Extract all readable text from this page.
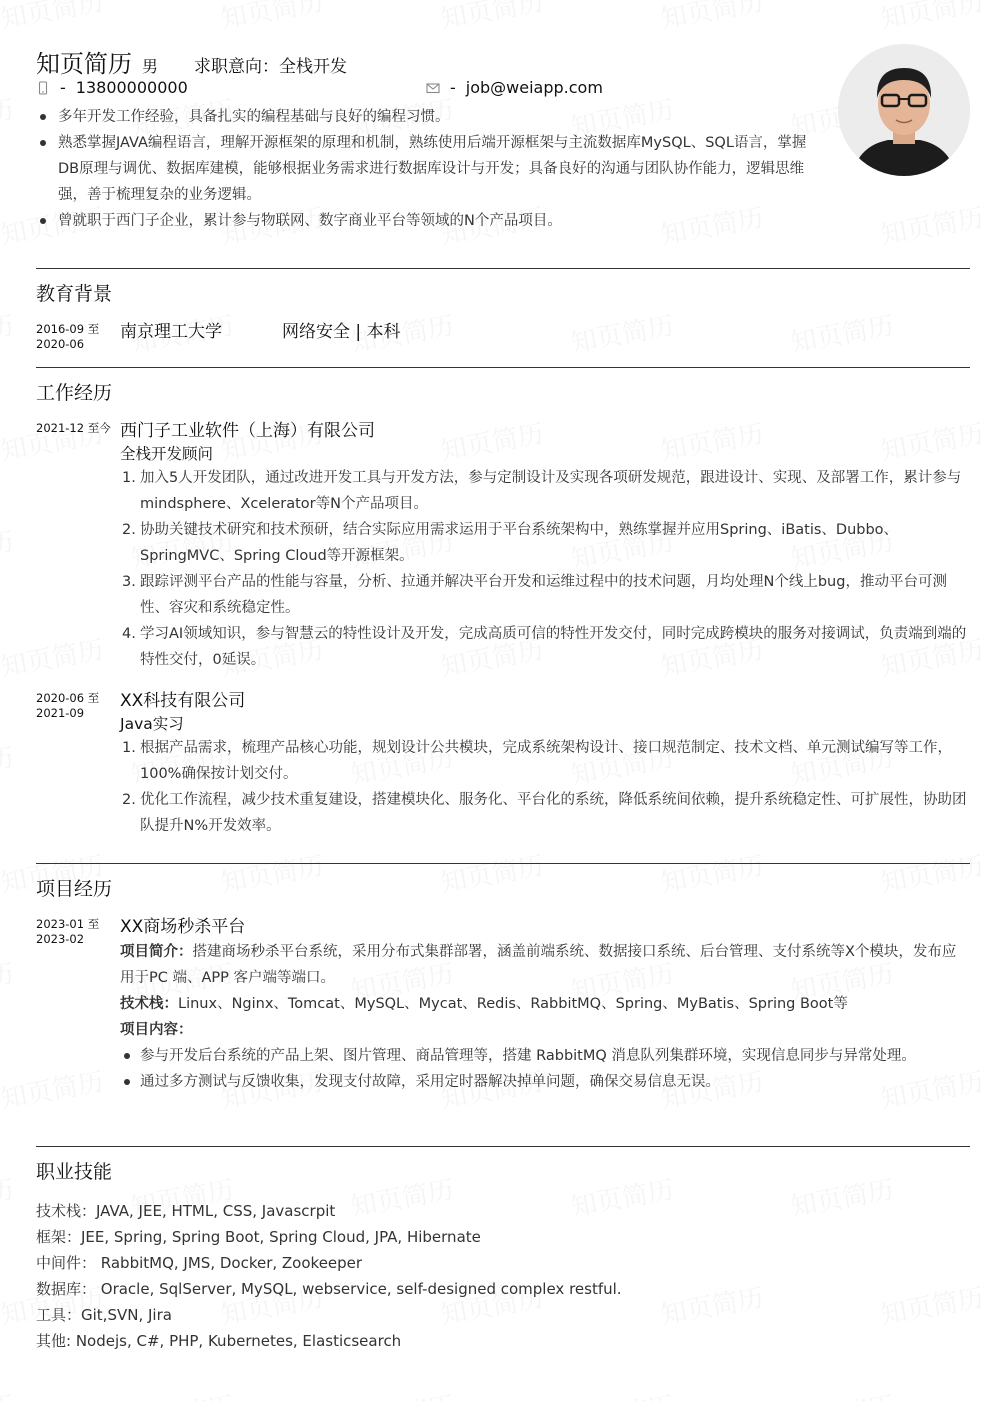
知页简历 男 求职意向：全栈开发
- 13800000000	- job@weiapp.com
多年开发工作经验，具备扎实的编程基础与良好的编程习惯。
熟悉掌握JAVA编程语言，理解开源框架的原理和机制，熟练使用后端开源框架与主流数据库MySQL、SQL语言，掌握DB原理与调优、数据库建模，能够根据业务需求进行数据库设计与开发；具备良好的沟通与团队协作能力，逻辑思维强，善于梳理复杂的业务逻辑。
曾就职于西门子企业，累计参与物联网、数字商业平台等领域的N个产品项目。
教育背景
2016-09 至
2020-06
南京理工大学	网络安全 | 本科
工作经历
2021-12 至今 西门子工业软件（上海）有限公司
全栈开发顾问
1. 加入5人开发团队，通过改进开发工具与开发方法，参与定制设计及实现各项研发规范，跟进设计、实现、及部署工作，累计参与mindsphere、Xcelerator等N个产品项目。
2. 协助关键技术研究和技术预研，结合实际应用需求运用于平台系统架构中，熟练掌握并应用Spring、iBatis、Dubbo、SpringMVC、Spring Cloud等开源框架。
3. 跟踪评测平台产品的性能与容量，分析、拉通并解决平台开发和运维过程中的技术问题，月均处理N个线上bug，推动平台可测性、容灾和系统稳定性。
4. 学习AI领域知识，参与智慧云的特性设计及开发，完成高质可信的特性开发交付，同时完成跨模块的服务对接调试，负责端到端的特性交付，0延误。
2020-06 至
2021-09
XX科技有限公司
Java实习
1. 根据产品需求，梳理产品核心功能，规划设计公共模块，完成系统架构设计、接口规范制定、技术文档、单元测试编写等工作，100%确保按计划交付。
2. 优化工作流程，减少技术重复建设，搭建模块化、服务化、平台化的系统，降低系统间依赖，提升系统稳定性、可扩展性，协助团队提升N%开发效率。
项目经历
2023-01 至
2023-02
XX商场秒杀平台
项目简介：搭建商场秒杀平台系统，采用分布式集群部署，涵盖前端系统、数据接口系统、后台管理、支付系统等X个模块，发布应用于PC 端、APP 客户端等端口。
技术栈：Linux、Nginx、Tomcat、MySQL、Mycat、Redis、RabbitMQ、Spring、MyBatis、Spring Boot等
项目内容：
参与开发后台系统的产品上架、图片管理、商品管理等，搭建 RabbitMQ 消息队列集群环境，实现信息同步与异常处理。
通过多方测试与反馈收集，发现支付故障，采用定时器解决掉单问题，确保交易信息无误。
职业技能
技术栈：JAVA, JEE, HTML, CSS, Javascrpit
框架：JEE, Spring, Spring Boot, Spring Cloud, JPA, Hibernate
中间件： RabbitMQ, JMS, Docker, Zookeeper
数据库： Oracle, SqlServer, MySQL, webservice, self-designed complex restful.
工具：Git,SVN, Jira
其他: Nodejs, C#, PHP, Kubernetes, Elasticsearch
